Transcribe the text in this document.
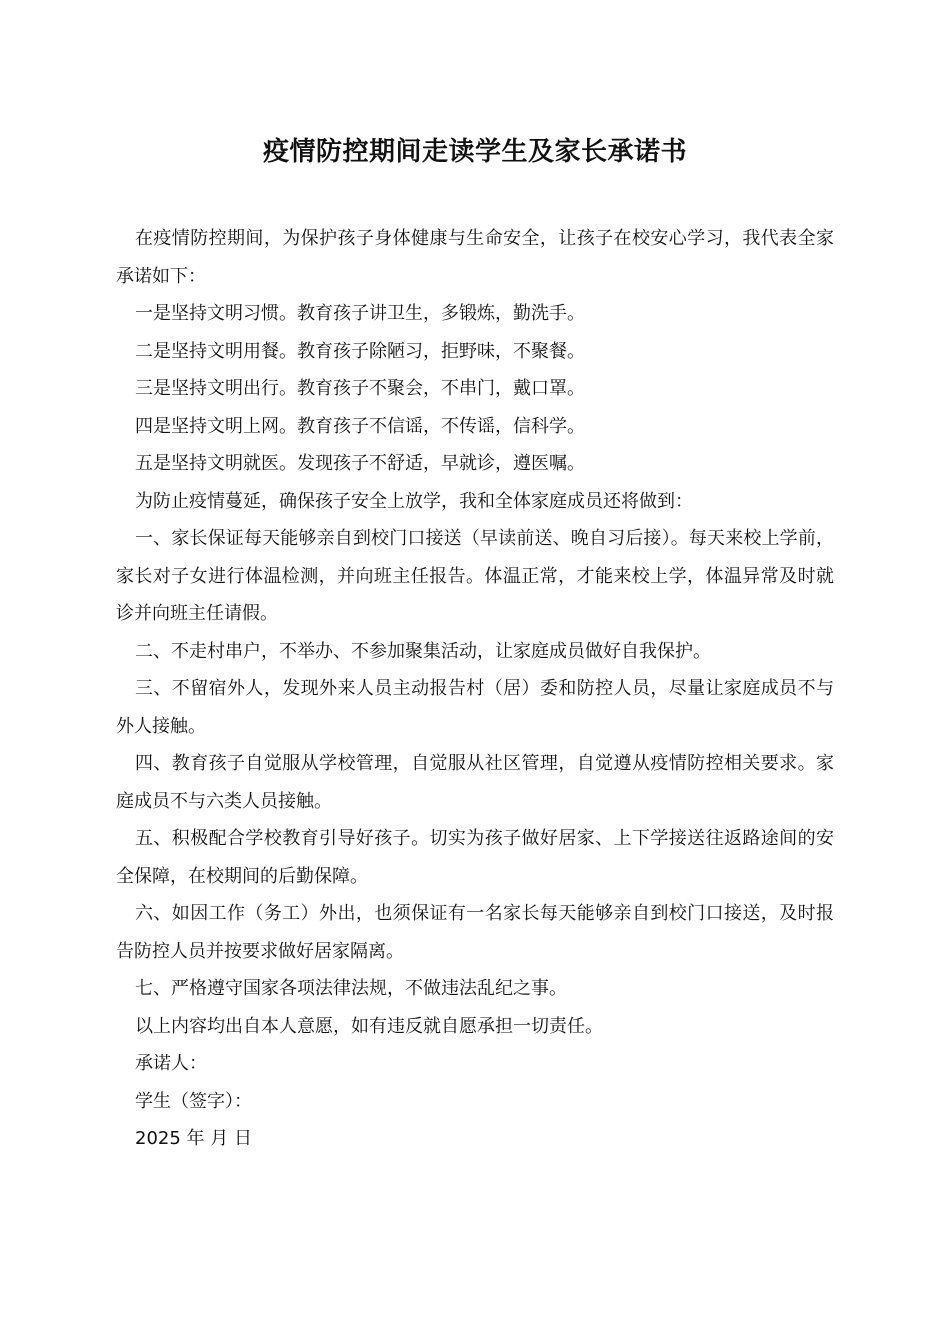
疫情防控期间走读学生及家长承诺书

在疫情防控期间，为保护孩子身体健康与生命安全，让孩子在校安心学习，我代表全家承诺如下：

一是坚持文明习惯。教育孩子讲卫生，多锻炼，勤洗手。

二是坚持文明用餐。教育孩子除陋习，拒野味，不聚餐。

三是坚持文明出行。教育孩子不聚会，不串门，戴口罩。

四是坚持文明上网。教育孩子不信谣，不传谣，信科学。

五是坚持文明就医。发现孩子不舒适，早就诊，遵医嘱。

为防止疫情蔓延，确保孩子安全上放学，我和全体家庭成员还将做到：

一、家长保证每天能够亲自到校门口接送（早读前送、晚自习后接）。每天来校上学前，家长对子女进行体温检测，并向班主任报告。体温正常，才能来校上学，体温异常及时就诊并向班主任请假。

二、不走村串户，不举办、不参加聚集活动，让家庭成员做好自我保护。

三、不留宿外人，发现外来人员主动报告村（居）委和防控人员，尽量让家庭成员不与外人接触。

四、教育孩子自觉服从学校管理，自觉服从社区管理，自觉遵从疫情防控相关要求。家庭成员不与六类人员接触。

五、积极配合学校教育引导好孩子。切实为孩子做好居家、上下学接送往返路途间的安全保障，在校期间的后勤保障。

六、如因工作（务工）外出，也须保证有一名家长每天能够亲自到校门口接送，及时报告防控人员并按要求做好居家隔离。

七、严格遵守国家各项法律法规，不做违法乱纪之事。

以上内容均出自本人意愿，如有违反就自愿承担一切责任。

承诺人：

学生（签字）：

2025 年 月 日
